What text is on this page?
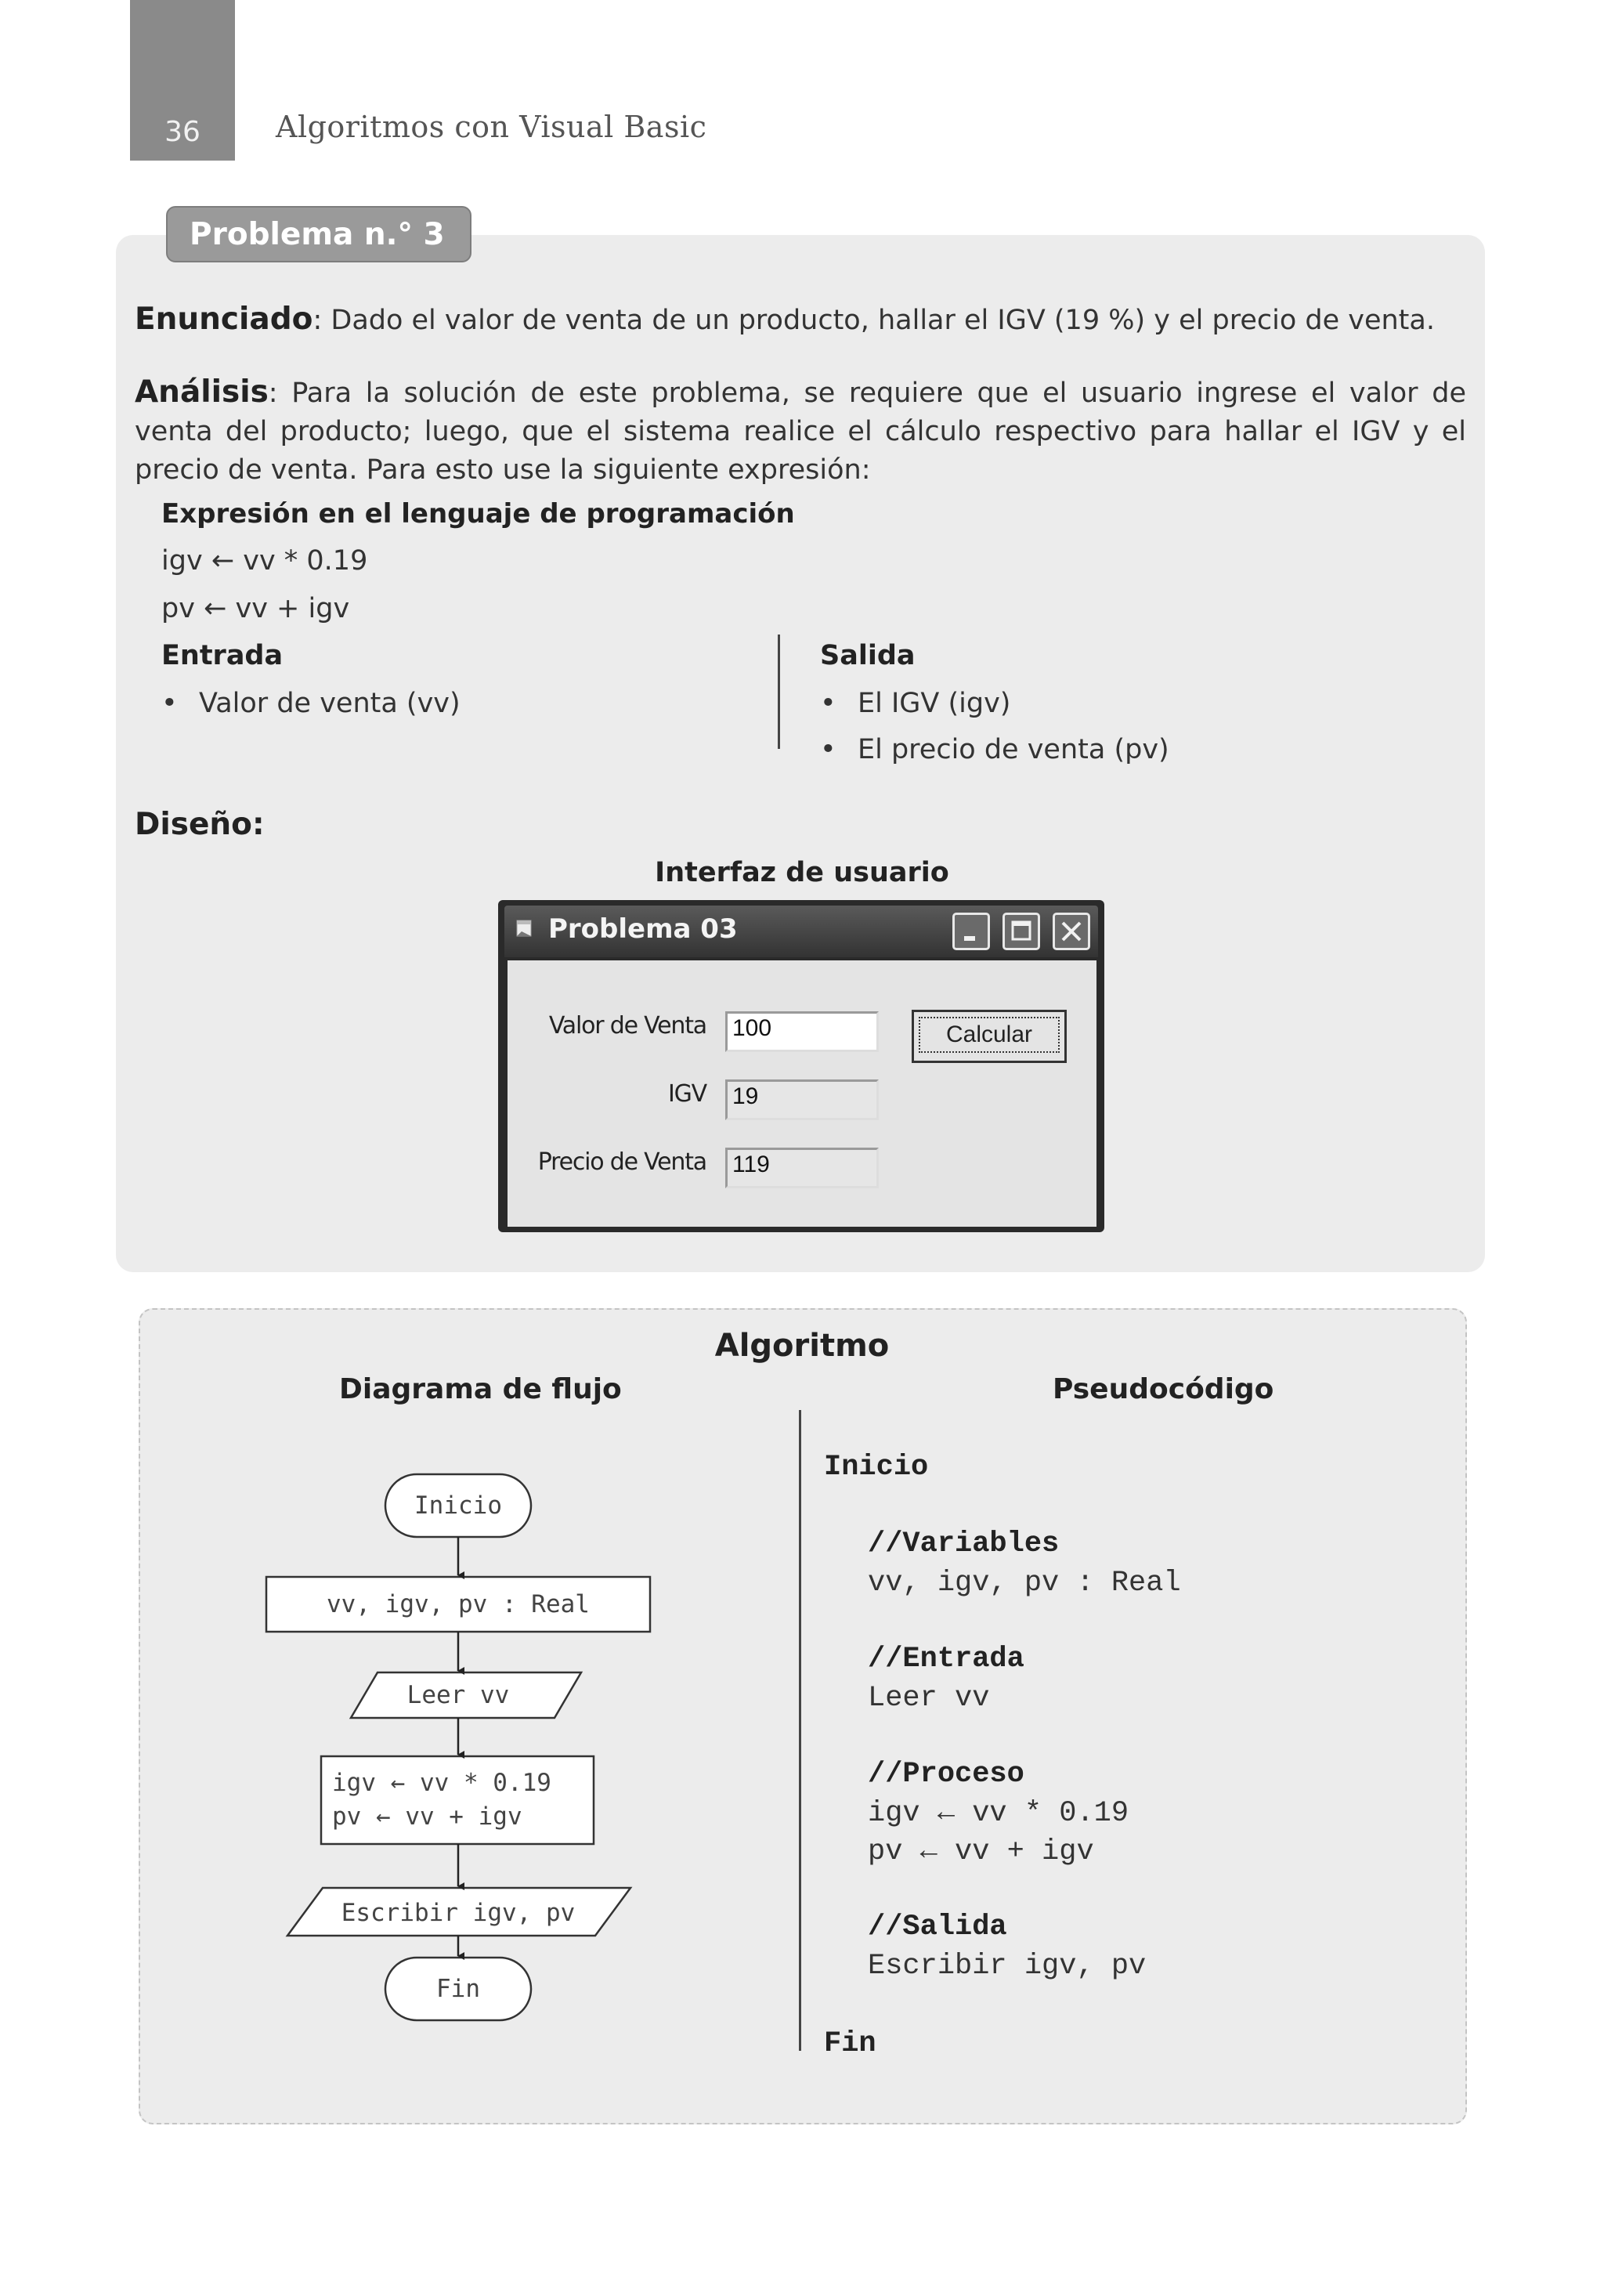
36	Algoritmos con Visual Basic
Problema n.° 3
Enunciado: Dado el valor de venta de un producto, hallar el IGV (19 %) y el precio de venta.
Análisis: Para la solución de este problema, se requiere que el usuario ingrese el valor de venta del producto; luego, que el sistema realice el cálculo respectivo para hallar el IGV y el precio de venta. Para esto use la siguiente expresión:
Expresión en el lenguaje de programación
igv ← vv * 0.19
pv ← vv + igv
Entrada	Salida
• Valor de venta (vv)	• El IGV (igv)
• El precio de venta (pv)
Diseño:
Interfaz de usuario
Problema 03
Valor de Venta
IGV
Precio de Venta
100
19
119
Calcular
Algoritmo
Diagrama de flujo	Pseudocódigo
Inicio
vv, igv, pv : Real
Leer vv
igv ← vv * 0.19
pv ← vv + igv
Escribir igv, pv
Fin
Inicio
//Variables
vv, igv, pv : Real
//Entrada
Leer vv
//Proceso
igv ← vv * 0.19
pv ← vv + igv
//Salida
Escribir igv, pv
Fin
